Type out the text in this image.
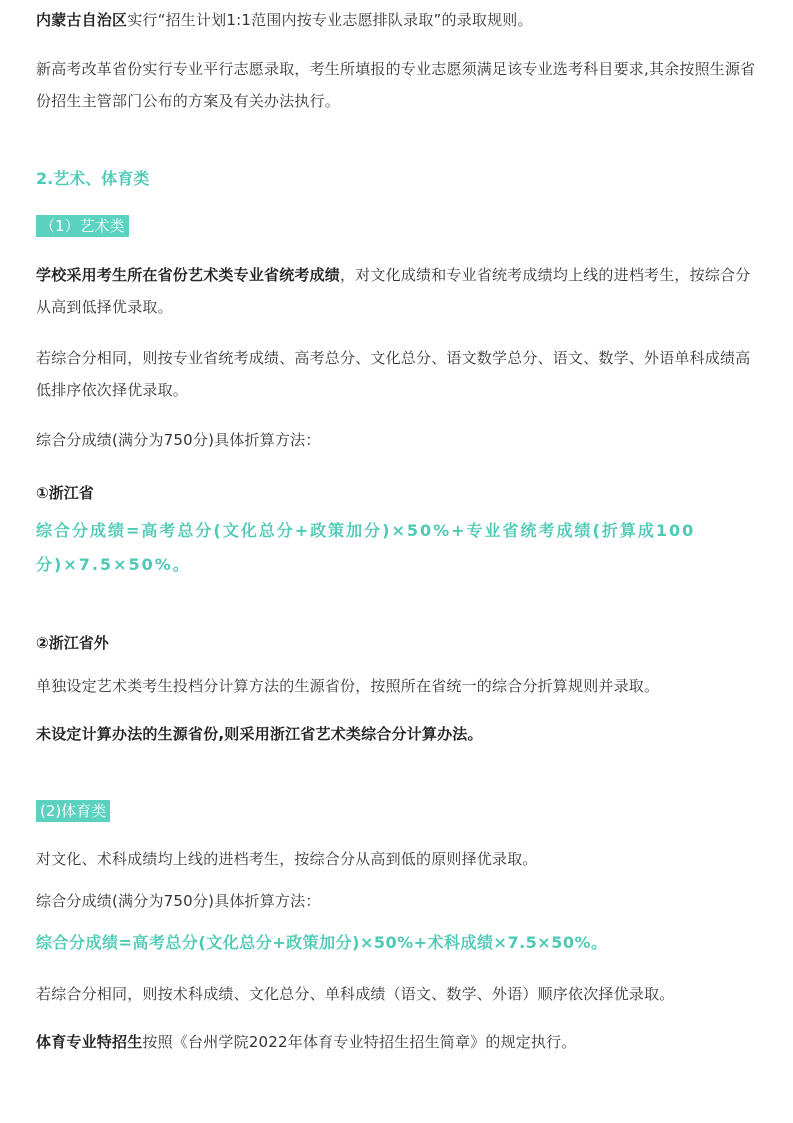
内蒙古自治区实行“招生计划1:1范围内按专业志愿排队录取”的录取规则。

新高考改革省份实行专业平行志愿录取，考生所填报的专业志愿须满足该专业选考科目要求,其余按照生源省份招生主管部门公布的方案及有关办法执行。

2.艺术、体育类

（1）艺术类

学校采用考生所在省份艺术类专业省统考成绩，对文化成绩和专业省统考成绩均上线的进档考生，按综合分从高到低择优录取。

若综合分相同，则按专业省统考成绩、高考总分、文化总分、语文数学总分、语文、数学、外语单科成绩高低排序依次择优录取。

综合分成绩(满分为750分)具体折算方法：

①浙江省

综合分成绩=高考总分(文化总分+政策加分)×50%+专业省统考成绩(折算成100分)×7.5×50%。

②浙江省外

单独设定艺术类考生投档分计算方法的生源省份，按照所在省统一的综合分折算规则并录取。

未设定计算办法的生源省份,则采用浙江省艺术类综合分计算办法。

(2)体育类

对文化、术科成绩均上线的进档考生，按综合分从高到低的原则择优录取。

综合分成绩(满分为750分)具体折算方法：

综合分成绩=高考总分(文化总分+政策加分)×50%+术科成绩×7.5×50%。

若综合分相同，则按术科成绩、文化总分、单科成绩（语文、数学、外语）顺序依次择优录取。

体育专业特招生按照《台州学院2022年体育专业特招生招生简章》的规定执行。
